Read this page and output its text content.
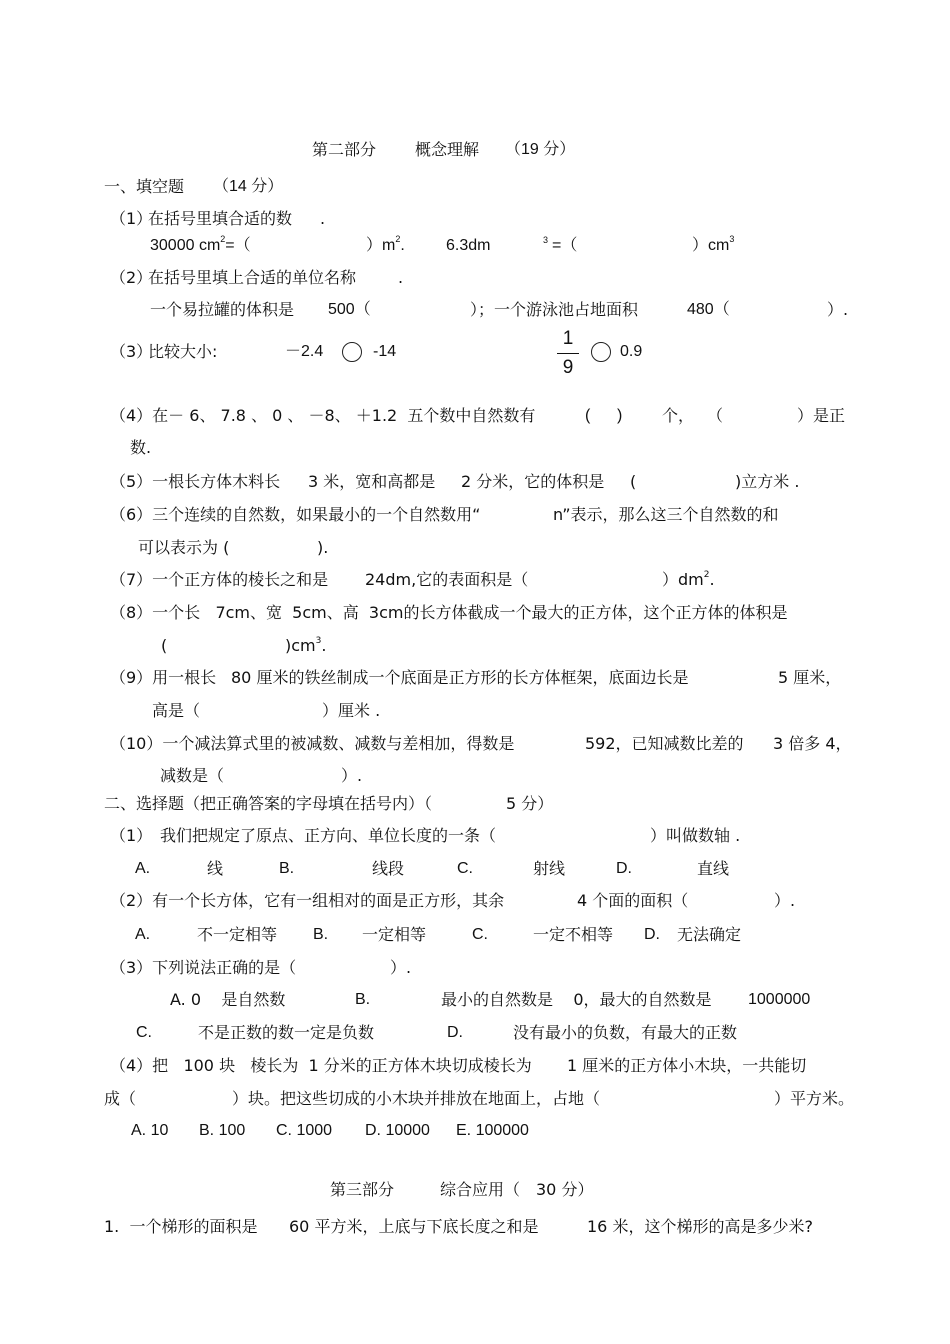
第二部分 概念理解 （19 分）
一、填空题 （14 分）
（1）
在括号里填合适的数 .
30000 $cm^2=$（	）$m^2$.	6.3dm	3 =（	）$cm^3$
（2）
在括号里填上合适的单位名称	.
一个易拉罐的体积是 500（	）；一个游泳池占地面积	480（	）.
（3）
比较大小:	－2.4	-14
1
9
0.9
（4）在－ 6、 7.8 、 0 、 －8、 ＋1.2  五个数中自然数有	(      ) 个， （	）是正
数.
（5）一根长方体木料长 3 米，宽和高都是 2 分米，它的体积是 (	)立方米 .
（6）三个连续的自然数，如果最小的一个自然数用“	n”表示，那么这三个自然数的和
可以表示为 (	).
（7）一个正方体的棱长之和是 24dm,它的表面积是（	）$dm^2$.
（8）一个长   7cm、宽  5cm、高  3cm的长方体截成一个最大的正方体，这个正方体的体积是
(	)$cm^3$.
（9）用一根长 80 厘米的铁丝制成一个底面是正方形的长方体框架，底面边长是	5 厘米，
高是（	）厘米 .
（10）一个减法算式里的被减数、减数与差相加，得数是	592，已知减数比差的 3 倍多 4，
减数是（	）.
二、选择题（把正确答案的字母填在括号内）（	5 分）
（1） 我们把规定了原点、正方向、单位长度的一条（	）叫做数轴 .
A.	线	B.	线段	C.	射线	D.	直线
（2）有一个长方体，它有一组相对的面是正方形，其余	4 个面的面积（	）.
A.	不一定相等 B. 一定相等	C.	一定不相等 D. 无法确定
（3）下列说法正确的是（	）.
A. 0    是自然数	B.	最小的自然数是    0，最大的自然数是 1000000
C.	不是正数的数一定是负数	D.	没有最小的负数，有最大的正数
（4）把   100 块   棱长为  1 分米的正方体木块切成棱长为 1 厘米的正方体小木块，一共能切
成（	）块。把这些切成的小木块并排放在地面上，占地（	）平方米。
A. 10 B. 100 C. 1000 D. 10000 E. 100000
第三部分	综合应用（ 30 分）
1.  一个梯形的面积是 60 平方米，上底与下底长度之和是	16 米，这个梯形的高是多少米?
